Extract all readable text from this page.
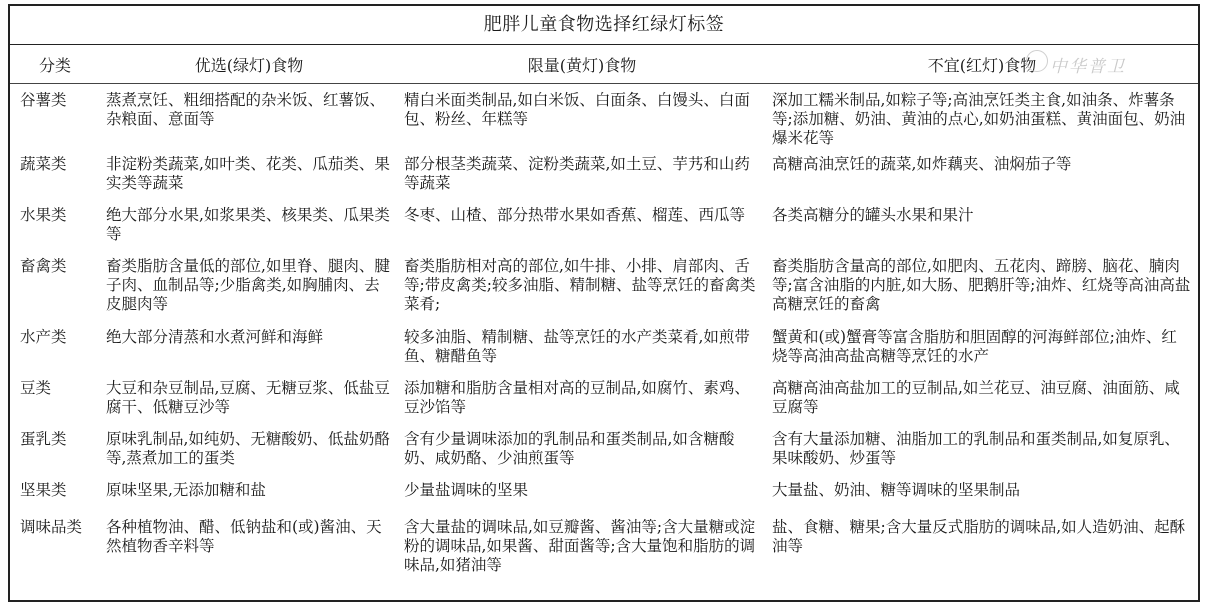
肥胖儿童食物选择红绿灯标签
分类	优选(绿灯)食物	限量(黄灯)食物	不宜(红灯)食物
谷薯类	蒸煮烹饪、粗细搭配的杂米饭、红薯饭、杂粮面、意面等	精白米面类制品,如白米饭、白面条、白馒头、白面包、粉丝、年糕等	深加工糯米制品,如粽子等;高油烹饪类主食,如油条、炸薯条等;添加糖、奶油、黄油的点心,如奶油蛋糕、黄油面包、奶油爆米花等
蔬菜类	非淀粉类蔬菜,如叶类、花类、瓜茄类、果实类等蔬菜	部分根茎类蔬菜、淀粉类蔬菜,如土豆、芋艿和山药等蔬菜	高糖高油烹饪的蔬菜,如炸藕夹、油焖茄子等
水果类	绝大部分水果,如浆果类、核果类、瓜果类等	冬枣、山楂、部分热带水果如香蕉、榴莲、西瓜等	各类高糖分的罐头水果和果汁
畜禽类	畜类脂肪含量低的部位,如里脊、腿肉、腱子肉、血制品等;少脂禽类,如胸脯肉、去皮腿肉等	畜类脂肪相对高的部位,如牛排、小排、肩部肉、舌等;带皮禽类;较多油脂、精制糖、盐等烹饪的畜禽类菜肴;	畜类脂肪含量高的部位,如肥肉、五花肉、蹄膀、脑花、腩肉等;富含油脂的内脏,如大肠、肥鹅肝等;油炸、红烧等高油高盐高糖烹饪的畜禽
水产类	绝大部分清蒸和水煮河鲜和海鲜	较多油脂、精制糖、盐等烹饪的水产类菜肴,如煎带鱼、糖醋鱼等	蟹黄和(或)蟹膏等富含脂肪和胆固醇的河海鲜部位;油炸、红烧等高油高盐高糖等烹饪的水产
豆类	大豆和杂豆制品,豆腐、无糖豆浆、低盐豆腐干、低糖豆沙等	添加糖和脂肪含量相对高的豆制品,如腐竹、素鸡、豆沙馅等	高糖高油高盐加工的豆制品,如兰花豆、油豆腐、油面筋、咸豆腐等
蛋乳类	原味乳制品,如纯奶、无糖酸奶、低盐奶酪等,蒸煮加工的蛋类	含有少量调味添加的乳制品和蛋类制品,如含糖酸奶、咸奶酪、少油煎蛋等	含有大量添加糖、油脂加工的乳制品和蛋类制品,如复原乳、果味酸奶、炒蛋等
坚果类	原味坚果,无添加糖和盐	少量盐调味的坚果	大量盐、奶油、糖等调味的坚果制品
调味品类	各种植物油、醋、低钠盐和(或)酱油、天然植物香辛料等	含大量盐的调味品,如豆瓣酱、酱油等;含大量糖或淀粉的调味品,如果酱、甜面酱等;含大量饱和脂肪的调味品,如猪油等	盐、食糖、糖果;含大量反式脂肪的调味品,如人造奶油、起酥油等
中华普卫
